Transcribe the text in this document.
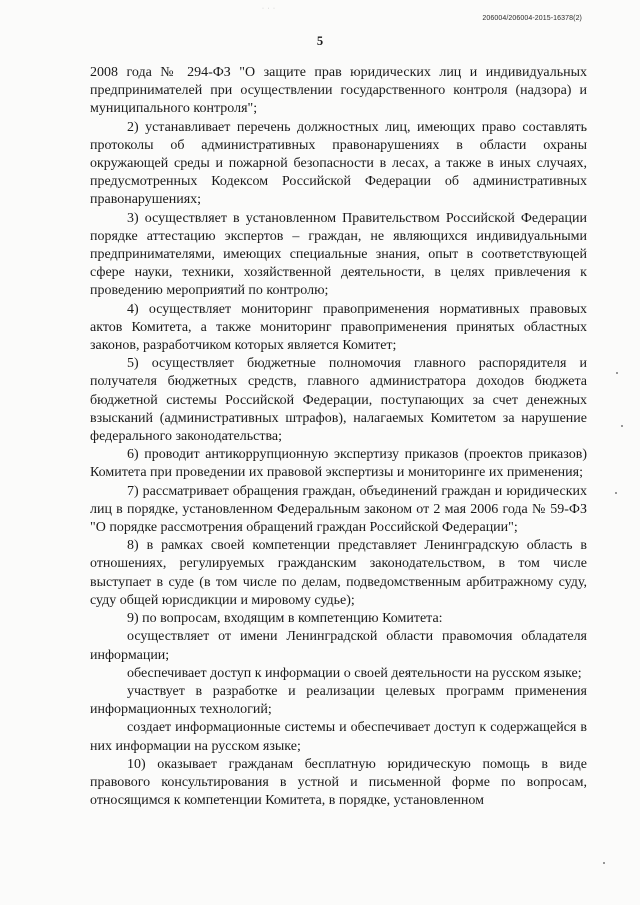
· · ·
206004/206004-2015-16378(2)
5

2008 года № 294-ФЗ "О защите прав юридических лиц и индивидуальных предпринимателей при осуществлении государственного контроля (надзора) и муниципального контроля";

2) устанавливает перечень должностных лиц, имеющих право составлять протоколы об административных правонарушениях в области охраны окружающей среды и пожарной безопасности в лесах, а также в иных случаях, предусмотренных Кодексом Российской Федерации об административных правонарушениях;

3) осуществляет в установленном Правительством Российской Федерации порядке аттестацию экспертов – граждан, не являющихся индивидуальными предпринимателями, имеющих специальные знания, опыт в соответствующей сфере науки, техники, хозяйственной деятельности, в целях привлечения к проведению мероприятий по контролю;

4) осуществляет мониторинг правоприменения нормативных правовых актов Комитета, а также мониторинг правоприменения принятых областных законов, разработчиком которых является Комитет;

5) осуществляет бюджетные полномочия главного распорядителя и получателя бюджетных средств, главного администратора доходов бюджета бюджетной системы Российской Федерации, поступающих за счет денежных взысканий (административных штрафов), налагаемых Комитетом за нарушение федерального законодательства;

6) проводит антикоррупционную экспертизу приказов (проектов приказов) Комитета при проведении их правовой экспертизы и мониторинге их применения;

7) рассматривает обращения граждан, объединений граждан и юридических лиц в порядке, установленном Федеральным законом от 2 мая 2006 года № 59-ФЗ "О порядке рассмотрения обращений граждан Российской Федерации";

8) в рамках своей компетенции представляет Ленинградскую область в отношениях, регулируемых гражданским законодательством, в том числе выступает в суде (в том числе по делам, подведомственным арбитражному суду, суду общей юрисдикции и мировому судье);

9) по вопросам, входящим в компетенцию Комитета:

осуществляет от имени Ленинградской области правомочия обладателя информации;

обеспечивает доступ к информации о своей деятельности на русском языке;

участвует в разработке и реализации целевых программ применения информационных технологий;

создает информационные системы и обеспечивает доступ к содержащейся в них информации на русском языке;

10) оказывает гражданам бесплатную юридическую помощь в виде правового консультирования в устной и письменной форме по вопросам, относящимся к компетенции Комитета, в порядке, установленном
